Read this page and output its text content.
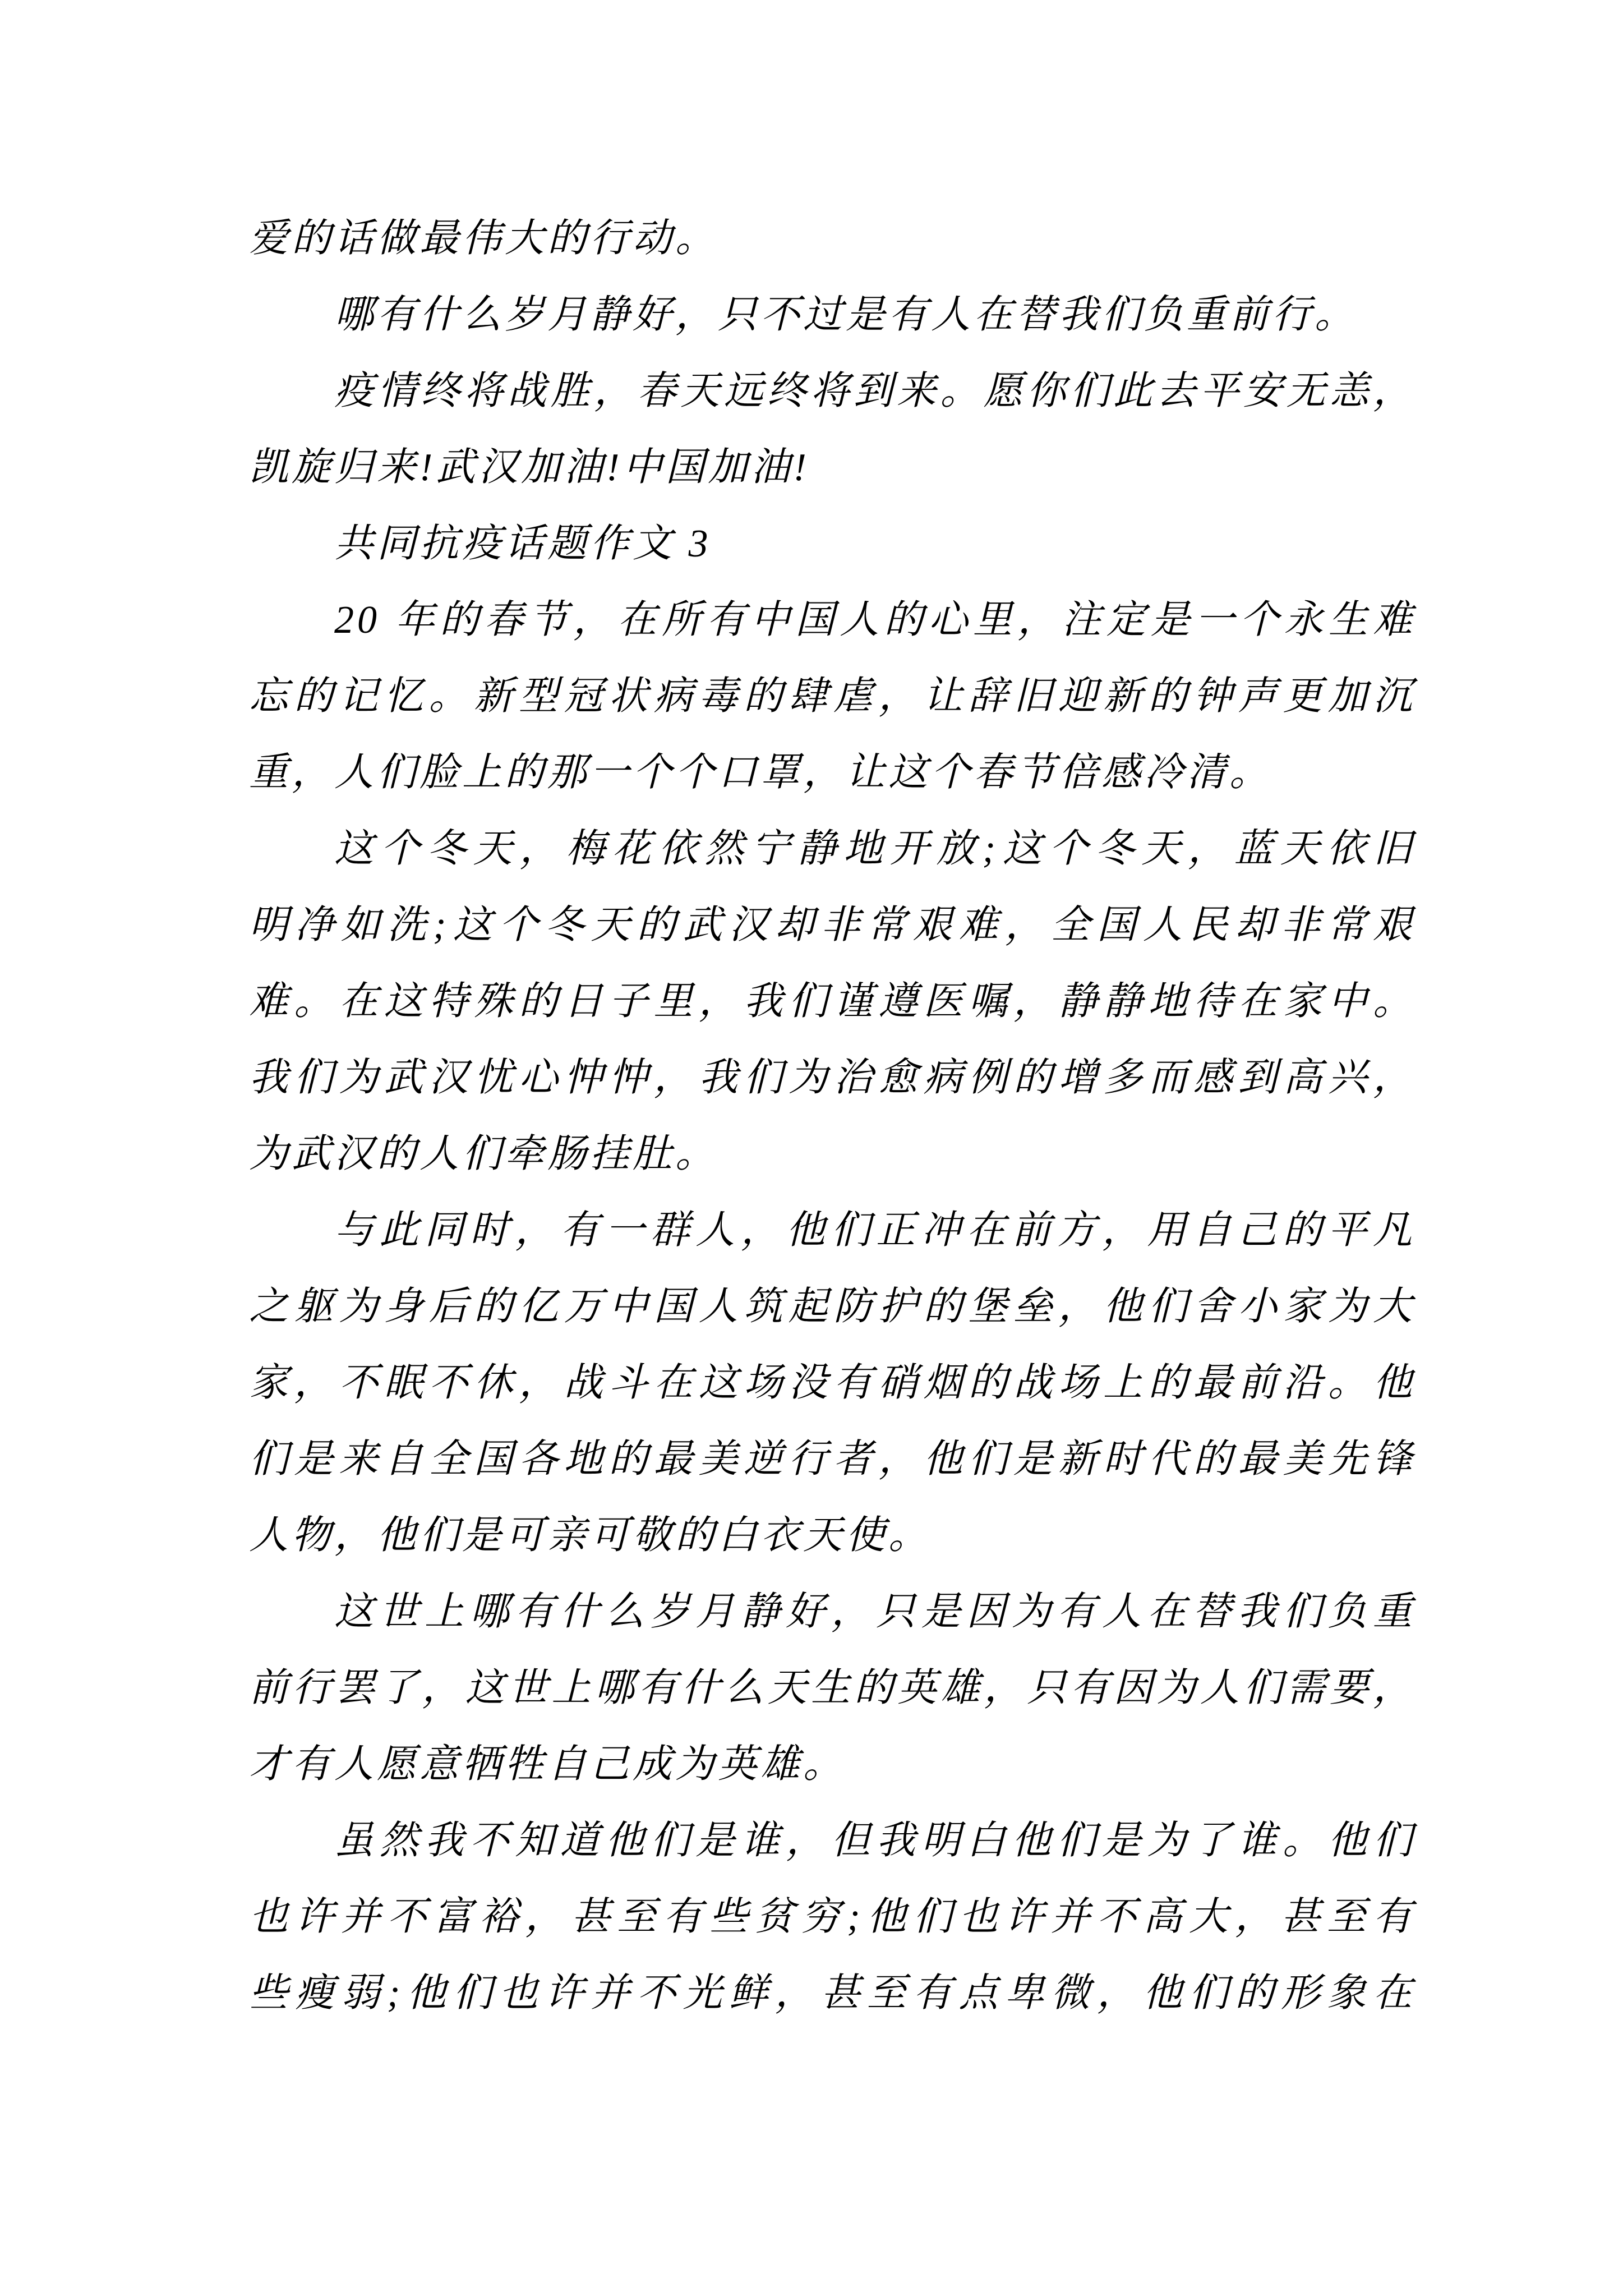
爱的话做最伟大的行动。
哪有什么岁月静好，只不过是有人在替我们负重前行。
疫情终将战胜，春天远终将到来。愿你们此去平安无恙，
凯旋归来!武汉加油!中国加油!
共同抗疫话题作文 3
20 年的春节，在所有中国人的心里，注定是一个永生难
忘的记忆。新型冠状病毒的肆虐，让辞旧迎新的钟声更加沉
重，人们脸上的那一个个口罩，让这个春节倍感冷清。
这个冬天，梅花依然宁静地开放;这个冬天，蓝天依旧
明净如洗;这个冬天的武汉却非常艰难，全国人民却非常艰
难。在这特殊的日子里，我们谨遵医嘱，静静地待在家中。
我们为武汉忧心忡忡，我们为治愈病例的增多而感到高兴，
为武汉的人们牵肠挂肚。
与此同时，有一群人，他们正冲在前方，用自己的平凡
之躯为身后的亿万中国人筑起防护的堡垒，他们舍小家为大
家，不眠不休，战斗在这场没有硝烟的战场上的最前沿。他
们是来自全国各地的最美逆行者，他们是新时代的最美先锋
人物，他们是可亲可敬的白衣天使。
这世上哪有什么岁月静好，只是因为有人在替我们负重
前行罢了，这世上哪有什么天生的英雄，只有因为人们需要，
才有人愿意牺牲自己成为英雄。
虽然我不知道他们是谁，但我明白他们是为了谁。他们
也许并不富裕，甚至有些贫穷;他们也许并不高大，甚至有
些瘦弱;他们也许并不光鲜，甚至有点卑微，他们的形象在
